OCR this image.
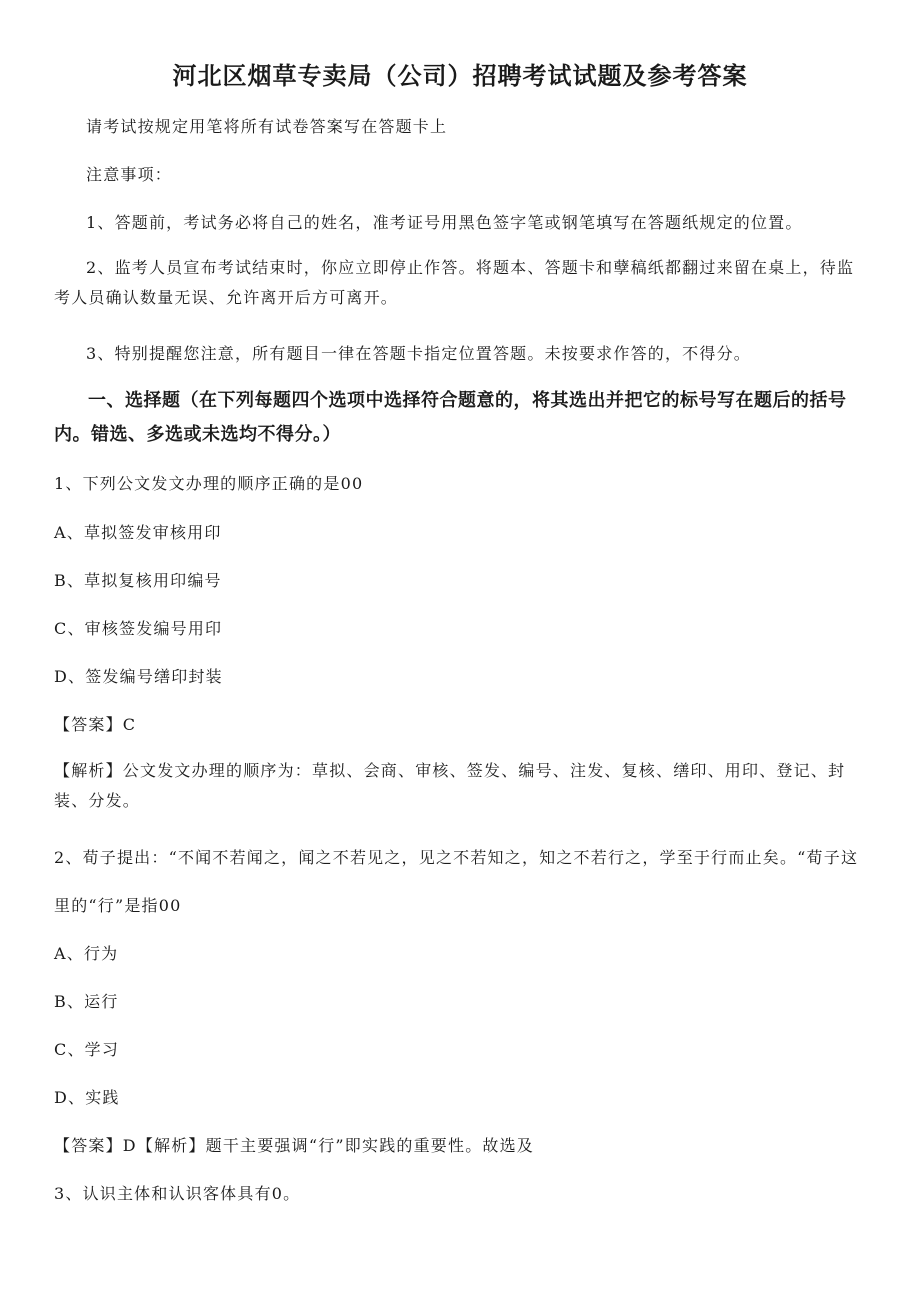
河北区烟草专卖局（公司）招聘考试试题及参考答案

请考试按规定用笔将所有试卷答案写在答题卡上

注意事项：

1、答题前，考试务必将自己的姓名，准考证号用黑色签字笔或钢笔填写在答题纸规定的位置。

2、监考人员宣布考试结束时，你应立即停止作答。将题本、答题卡和孽稿纸都翻过来留在桌上，待监考人员确认数量无误、允许离开后方可离开。

3、特别提醒您注意，所有题目一律在答题卡指定位置答题。未按要求作答的，不得分。

一、选择题（在下列每题四个选项中选择符合题意的，将其选出并把它的标号写在题后的括号内。错选、多选或未选均不得分。）

1、下列公文发文办理的顺序正确的是00

A、草拟签发审核用印

B、草拟复核用印编号

C、审核签发编号用印

D、签发编号缮印封装

【答案】C

【解析】公文发文办理的顺序为：草拟、会商、审核、签发、编号、注发、复核、缮印、用印、登记、封装、分发。

2、荀子提出：“不闻不若闻之，闻之不若见之，见之不若知之，知之不若行之，学至于行而止矣。“荀子这

里的“行”是指00

A、行为

B、运行

C、学习

D、实践

【答案】D【解析】题干主要强调“行”即实践的重要性。故选及

3、认识主体和认识客体具有0。
